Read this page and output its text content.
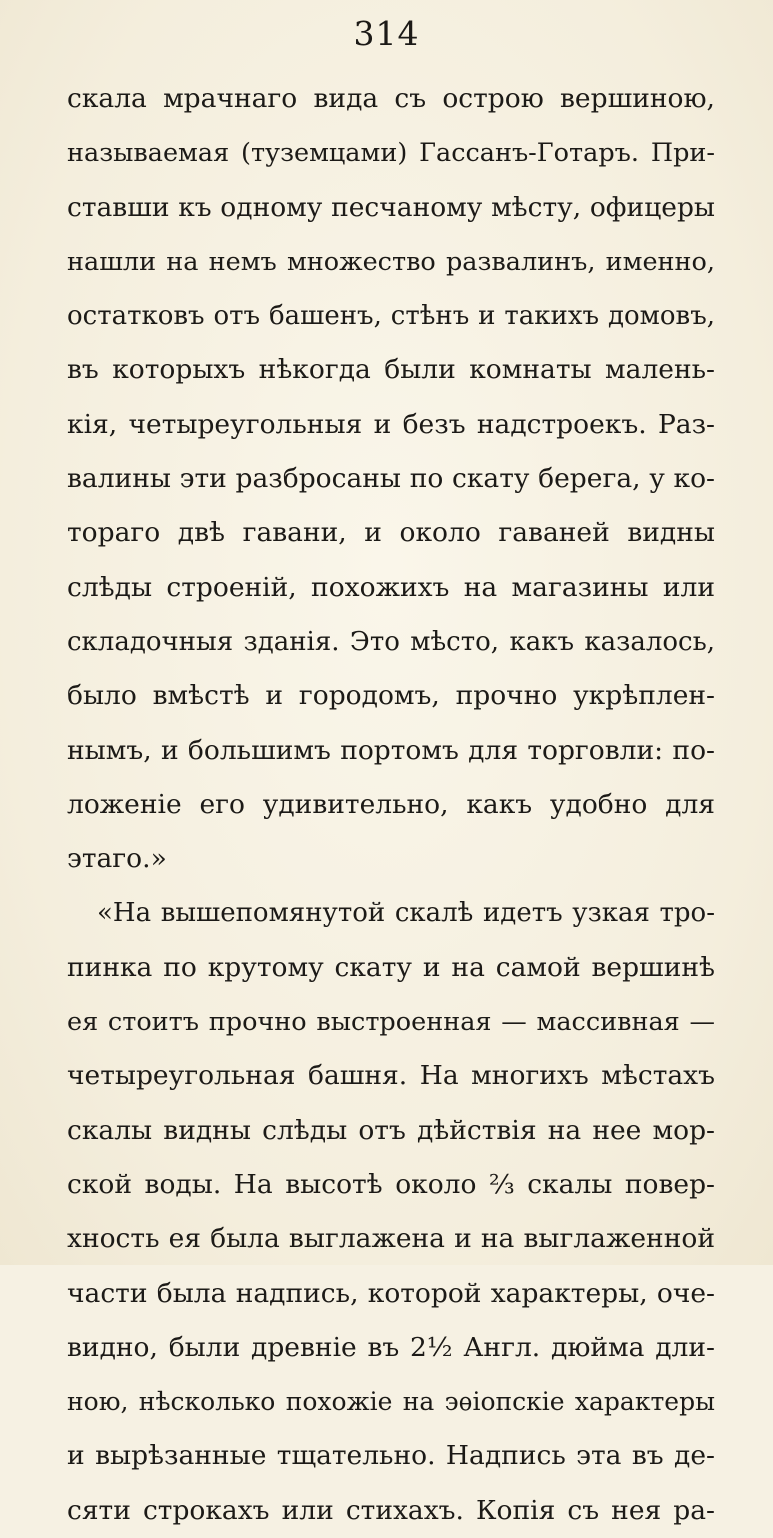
314
скала мрачнаго вида съ острою вершиною,
называемая (туземцами) Гассанъ-Готаръ. При-
ставши къ одному песчаному мѣсту, офицеры
нашли на немъ множество развалинъ, именно,
остатковъ отъ башенъ, стѣнъ и такихъ домовъ,
въ которыхъ нѣкогда были комнаты малень-
кія, четыреугольныя и безъ надстроекъ. Раз-
валины эти разбросаны по скату берега, у ко-
тораго двѣ гавани, и около гаваней видны
слѣды строеній, похожихъ на магазины или
складочныя зданія. Это мѣсто, какъ казалось,
было вмѣстѣ и городомъ, прочно укрѣплен-
нымъ, и большимъ портомъ для торговли: по-
ложеніе его удивительно, какъ удобно для
этаго.»
«На вышепомянутой скалѣ идетъ узкая тро-
пинка по крутому скату и на самой вершинѣ
ея стоитъ прочно выстроенная — массивная —
четыреугольная башня. На многихъ мѣстахъ
скалы видны слѣды отъ дѣйствія на нее мор-
ской воды. На высотѣ около ⅔ скалы повер-
хность ея была выглажена и на выглаженной
части была надпись, которой характеры, оче-
видно, были древніе въ 2½ Англ. дюйма дли-
ною, нѣсколько похожіе на эѳіопскіе характеры
и вырѣзанные тщательно. Надпись эта въ де-
сяти строкахъ или стихахъ. Копія съ нея ра-
